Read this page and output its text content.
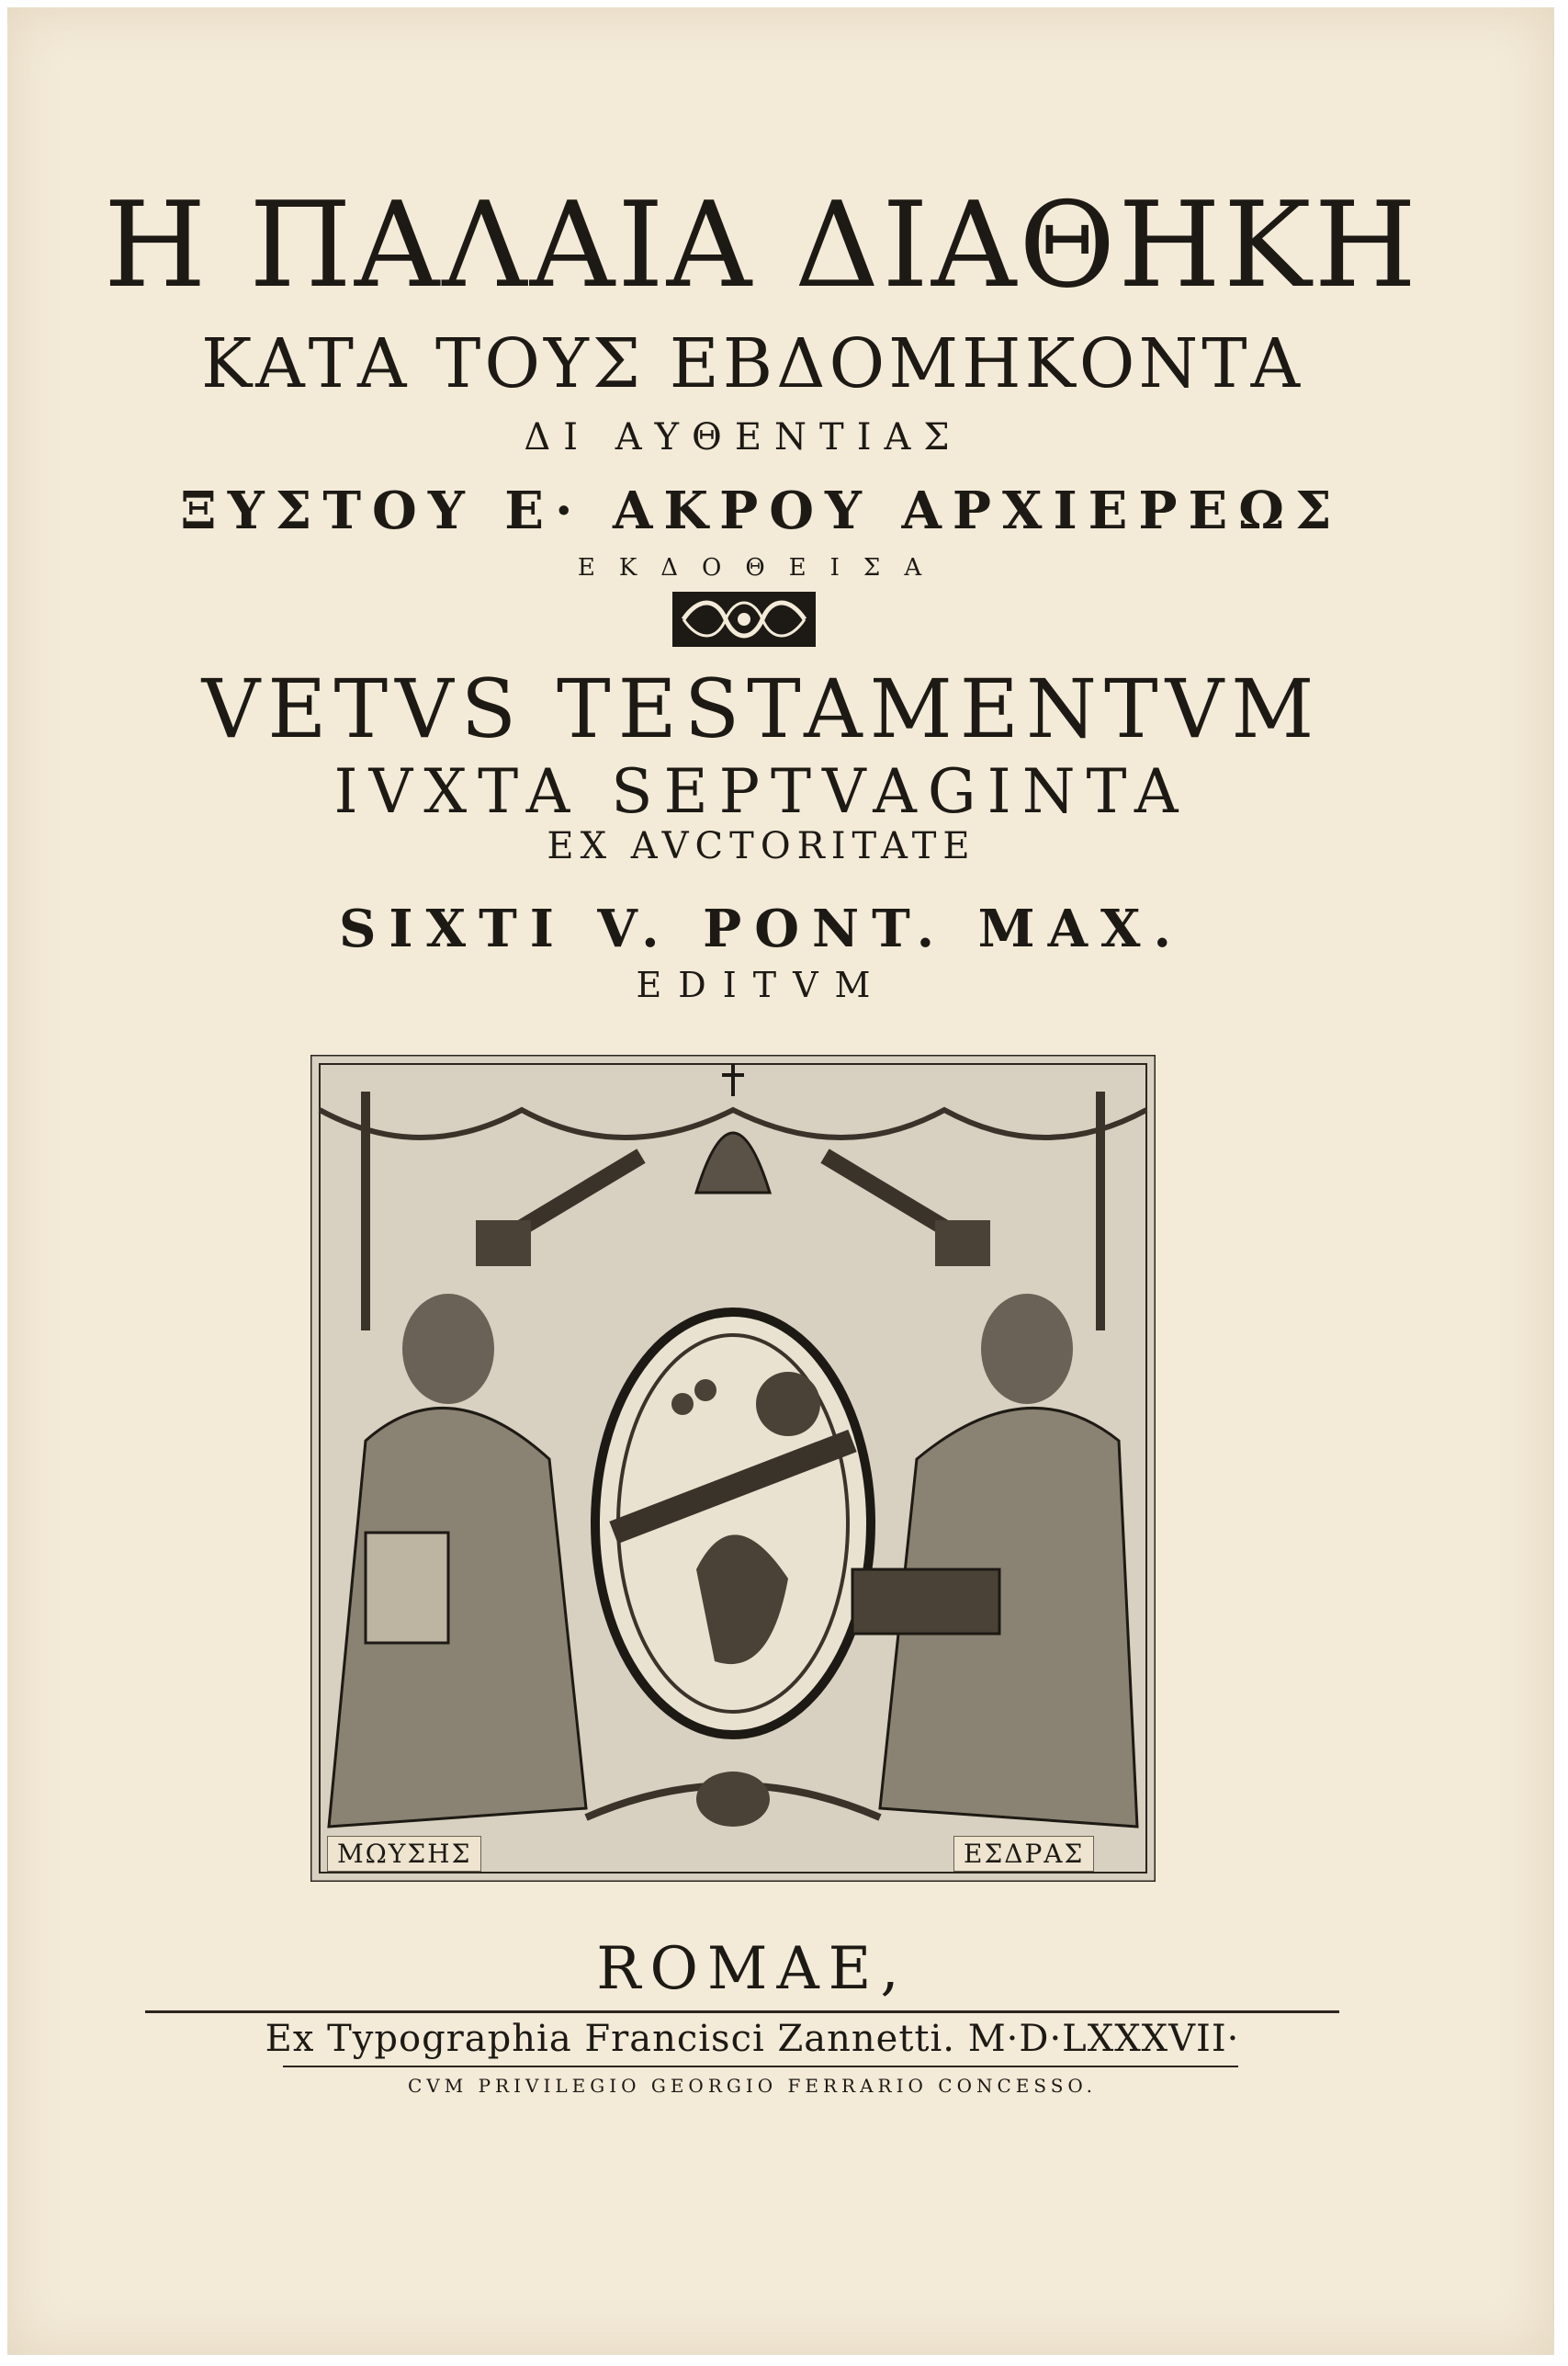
Η ΠΑΛΑΙΑ ΔΙΑΘΗΚΗ
ΚΑΤΑ ΤΟΥΣ ΕΒΔΟΜΗΚΟΝΤΑ
ΔΙ ΑΥΘΕΝΤΙΑΣ
ΞΥΣΤΟΥ Ε· ΑΚΡΟΥ ΑΡΧΙΕΡΕΩΣ
ΕΚΔΟΘΕΙΣΑ
VETVS TESTAMENTVM
IVXTA SEPTVAGINTA
EX AVCTORITATE
SIXTI V. PONT. MAX.
EDITVM
ΜΩΥΣΗΣ	ΕΣΔΡΑΣ
ROMAE,
Ex Typographia Francisci Zannetti. M·D·LXXXVII·
CVM PRIVILEGIO GEORGIO FERRARIO CONCESSO.
